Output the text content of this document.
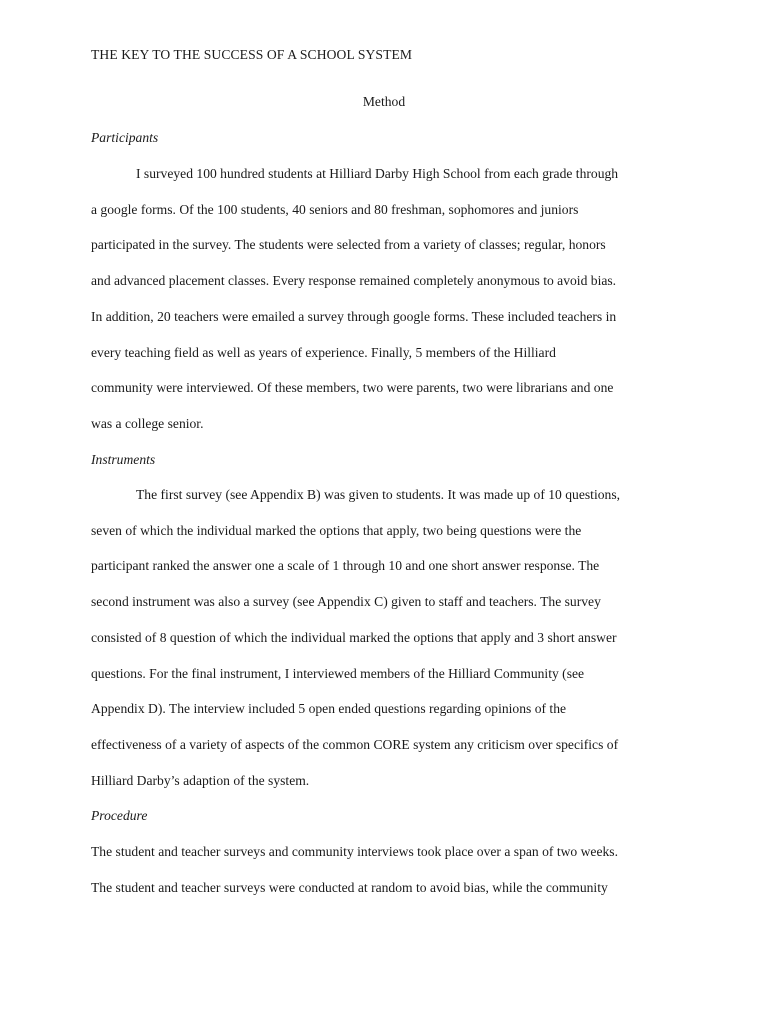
THE KEY TO THE SUCCESS OF A SCHOOL SYSTEM
Method
Participants

I surveyed 100 hundred students at Hilliard Darby High School from each grade through
a google forms. Of the 100 students, 40 seniors and 80 freshman, sophomores and juniors
participated in the survey. The students were selected from a variety of classes; regular, honors
and advanced placement classes. Every response remained completely anonymous to avoid bias.
In addition, 20 teachers were emailed a survey through google forms. These included teachers in
every teaching field as well as years of experience. Finally, 5 members of the Hilliard
community were interviewed. Of these members, two were parents, two were librarians and one
was a college senior.

Instruments

The first survey (see Appendix B) was given to students. It was made up of 10 questions,
seven of which the individual marked the options that apply, two being questions were the
participant ranked the answer one a scale of 1 through 10 and one short answer response. The
second instrument was also a survey (see Appendix C) given to staff and teachers. The survey
consisted of 8 question of which the individual marked the options that apply and 3 short answer
questions. For the final instrument, I interviewed members of the Hilliard Community (see
Appendix D). The interview included 5 open ended questions regarding opinions of the
effectiveness of a variety of aspects of the common CORE system any criticism over specifics of
Hilliard Darby’s adaption of the system.

Procedure

The student and teacher surveys and community interviews took place over a span of two weeks.
The student and teacher surveys were conducted at random to avoid bias, while the community
